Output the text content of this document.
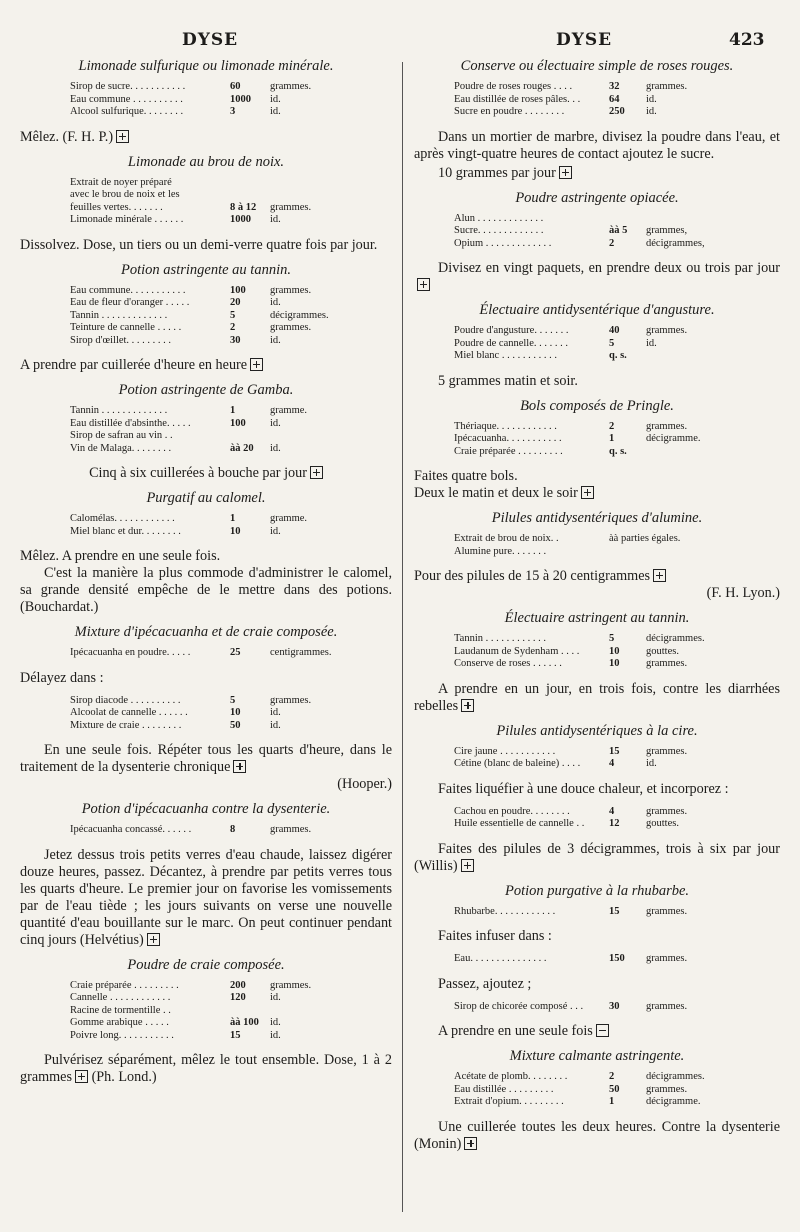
DYSE	DYSE	423
Limonade sulfurique ou limonade minérale.
Sirop de sucre. . . . . . . . . . .	60	grammes.
Eau commune . . . . . . . . . .	1000 id.
Alcool sulfurique. . . . . . . .	3	id.

Mêlez. (F. H. P.)

Limonade au brou de noix.
Extrait de noyer préparé
avec le brou de noix et les
feuilles vertes. . . . . . .	8 à 12 grammes.
Limonade minérale . . . . . .	1000 id.

Dissolvez. Dose, un tiers ou un demi-verre quatre fois par jour.

Potion astringente au tannin.
Eau commune. . . . . . . . . . .	100 grammes.
Eau de fleur d'oranger . . . . .	20	id.
Tannin . . . . . . . . . . . . .	5	décigrammes.
Teinture de cannelle . . . . .	2	grammes.
Sirop d'œillet. . . . . . . . .	30	id.

A prendre par cuillerée d'heure en heure

Potion astringente de Gamba.
Tannin . . . . . . . . . . . . .	1	gramme.
Eau distillée d'absinthe. . . . .	100 id.
Sirop de safran au vin . .
Vin de Malaga. . . . . . . .	àà 20 id.

Cinq à six cuillerées à bouche par jour

Purgatif au calomel.
Calomélas. . . . . . . . . . . .	1	gramme.
Miel blanc et dur. . . . . . . .	10	id.

Mêlez. A prendre en une seule fois.

C'est la manière la plus commode d'administrer le calomel, sa grande densité empêche de le mettre dans des potions. (Bouchardat.)

Mixture d'ipécacuanha et de craie composée.
Ipécacuanha en poudre. . . . .	25	centigrammes.

Délayez dans :

Sirop diacode . . . . . . . . . .	5	grammes.
Alcoolat de cannelle . . . . . .	10	id.
Mixture de craie . . . . . . . .	50	id.

En une seule fois. Répéter tous les quarts d'heure, dans le traitement de la dysenterie chronique

(Hooper.)
Potion d'ipécacuanha contre la dysenterie.
Ipécacuanha concassé. . . . . .	8	grammes.

Jetez dessus trois petits verres d'eau chaude, laissez digérer douze heures, passez. Décantez, à prendre par petits verres tous les quarts d'heure. Le premier jour on favorise les vomissements par de l'eau tiède ; les jours suivants on verse une nouvelle quantité d'eau bouillante sur le marc. On peut continuer pendant cinq jours (Helvétius)

Poudre de craie composée.
Craie préparée . . . . . . . . .	200 grammes.
Cannelle . . . . . . . . . . . .	120 id.
Racine de tormentille . .
Gomme arabique . . . . .	àà 100 id.
Poivre long. . . . . . . . . . .	15	id.

Pulvérisez séparément, mêlez le tout ensemble. Dose, 1 à 2 grammes (Ph. Lond.)

Conserve ou électuaire simple de roses rouges.
Poudre de roses rouges . . . .	32	grammes.
Eau distillée de roses pâles. . .	64	id.
Sucre en poudre . . . . . . . .	250 id.

Dans un mortier de marbre, divisez la poudre dans l'eau, et après vingt-quatre heures de contact ajoutez le sucre.

10 grammes par jour

Poudre astringente opiacée.
Alun . . . . . . . . . . . . .
Sucre. . . . . . . . . . . . .	àà 5 grammes,
Opium . . . . . . . . . . . . .	2	décigrammes,

Divisez en vingt paquets, en prendre deux ou trois par jour

Électuaire antidysentérique d'angusture.
Poudre d'angusture. . . . . . .	40	grammes.
Poudre de cannelle. . . . . . .	5	id.
Miel blanc . . . . . . . . . . .	q. s.

5 grammes matin et soir.

Bols composés de Pringle.
Thériaque. . . . . . . . . . . .	2	grammes.
Ipécacuanha. . . . . . . . . . .	1	décigramme.
Craie préparée . . . . . . . . .	q. s.

Faites quatre bols.

Deux le matin et deux le soir

Pilules antidysentériques d'alumine.
Extrait de brou de noix. .	àà parties égales.
Alumine pure. . . . . . .

Pour des pilules de 15 à 20 centigrammes

(F. H. Lyon.)
Électuaire astringent au tannin.
Tannin . . . . . . . . . . . .	5	décigrammes.
Laudanum de Sydenham . . . .	10	gouttes.
Conserve de roses . . . . . .	10	grammes.

A prendre en un jour, en trois fois, contre les diarrhées rebelles

Pilules antidysentériques à la cire.
Cire jaune . . . . . . . . . . .	15	grammes.
Cétine (blanc de baleine) . . . .	4	id.

Faites liquéfier à une douce chaleur, et incorporez :

Cachou en poudre. . . . . . . .	4	grammes.
Huile essentielle de cannelle . . 12	gouttes.

Faites des pilules de 3 décigrammes, trois à six par jour (Willis)

Potion purgative à la rhubarbe.
Rhubarbe. . . . . . . . . . . .	15	grammes.

Faites infuser dans :

Eau. . . . . . . . . . . . . . .	150 grammes.

Passez, ajoutez ;

Sirop de chicorée composé . . . 30	grammes.

A prendre en une seule fois

Mixture calmante astringente.
Acétate de plomb. . . . . . . .	2	décigrammes.
Eau distillée . . . . . . . . .	50	grammes.
Extrait d'opium. . . . . . . . .	1	décigramme.

Une cuillerée toutes les deux heures. Contre la dysenterie (Monin)
